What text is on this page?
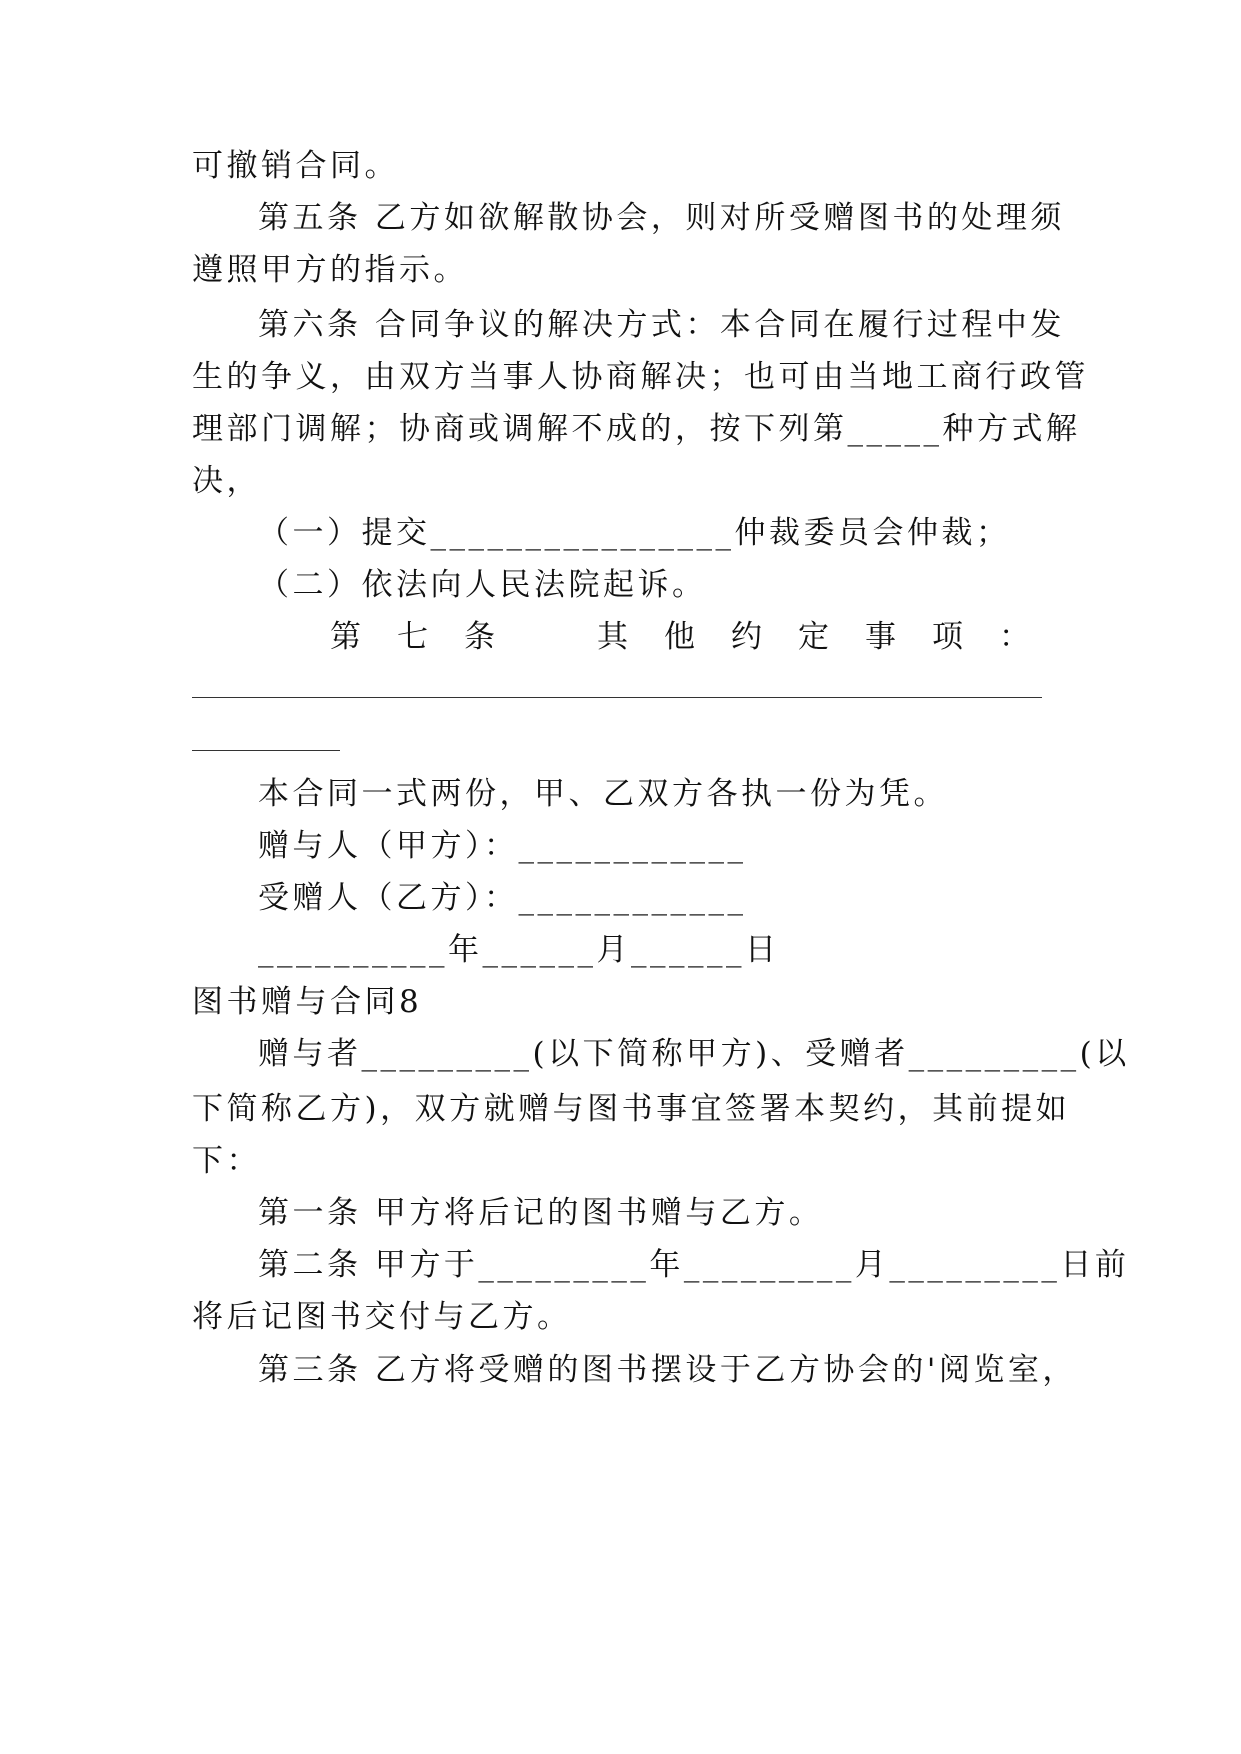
可撤销合同。
第五条 乙方如欲解散协会，则对所受赠图书的处理须
遵照甲方的指示。
第六条 合同争议的解决方式：本合同在履行过程中发
生的争义，由双方当事人协商解决；也可由当地工商行政管
理部门调解；协商或调解不成的，按下列第_____种方式解
决，
（一）提交________________仲裁委员会仲裁；
（二）依法向人民法院起诉。
第 七 条	其 他 约 定 事 项 ：
本合同一式两份，甲、乙双方各执一份为凭。
赠与人（甲方）：____________
受赠人（乙方）：____________
__________年______月______日
图书赠与合同8
赠与者_________(以下简称甲方)、受赠者_________(以
下简称乙方)，双方就赠与图书事宜签署本契约，其前提如
下：
第一条 甲方将后记的图书赠与乙方。
第二条 甲方于_________年_________月_________日前
将后记图书交付与乙方。
第三条 乙方将受赠的图书摆设于乙方协会的'阅览室，
